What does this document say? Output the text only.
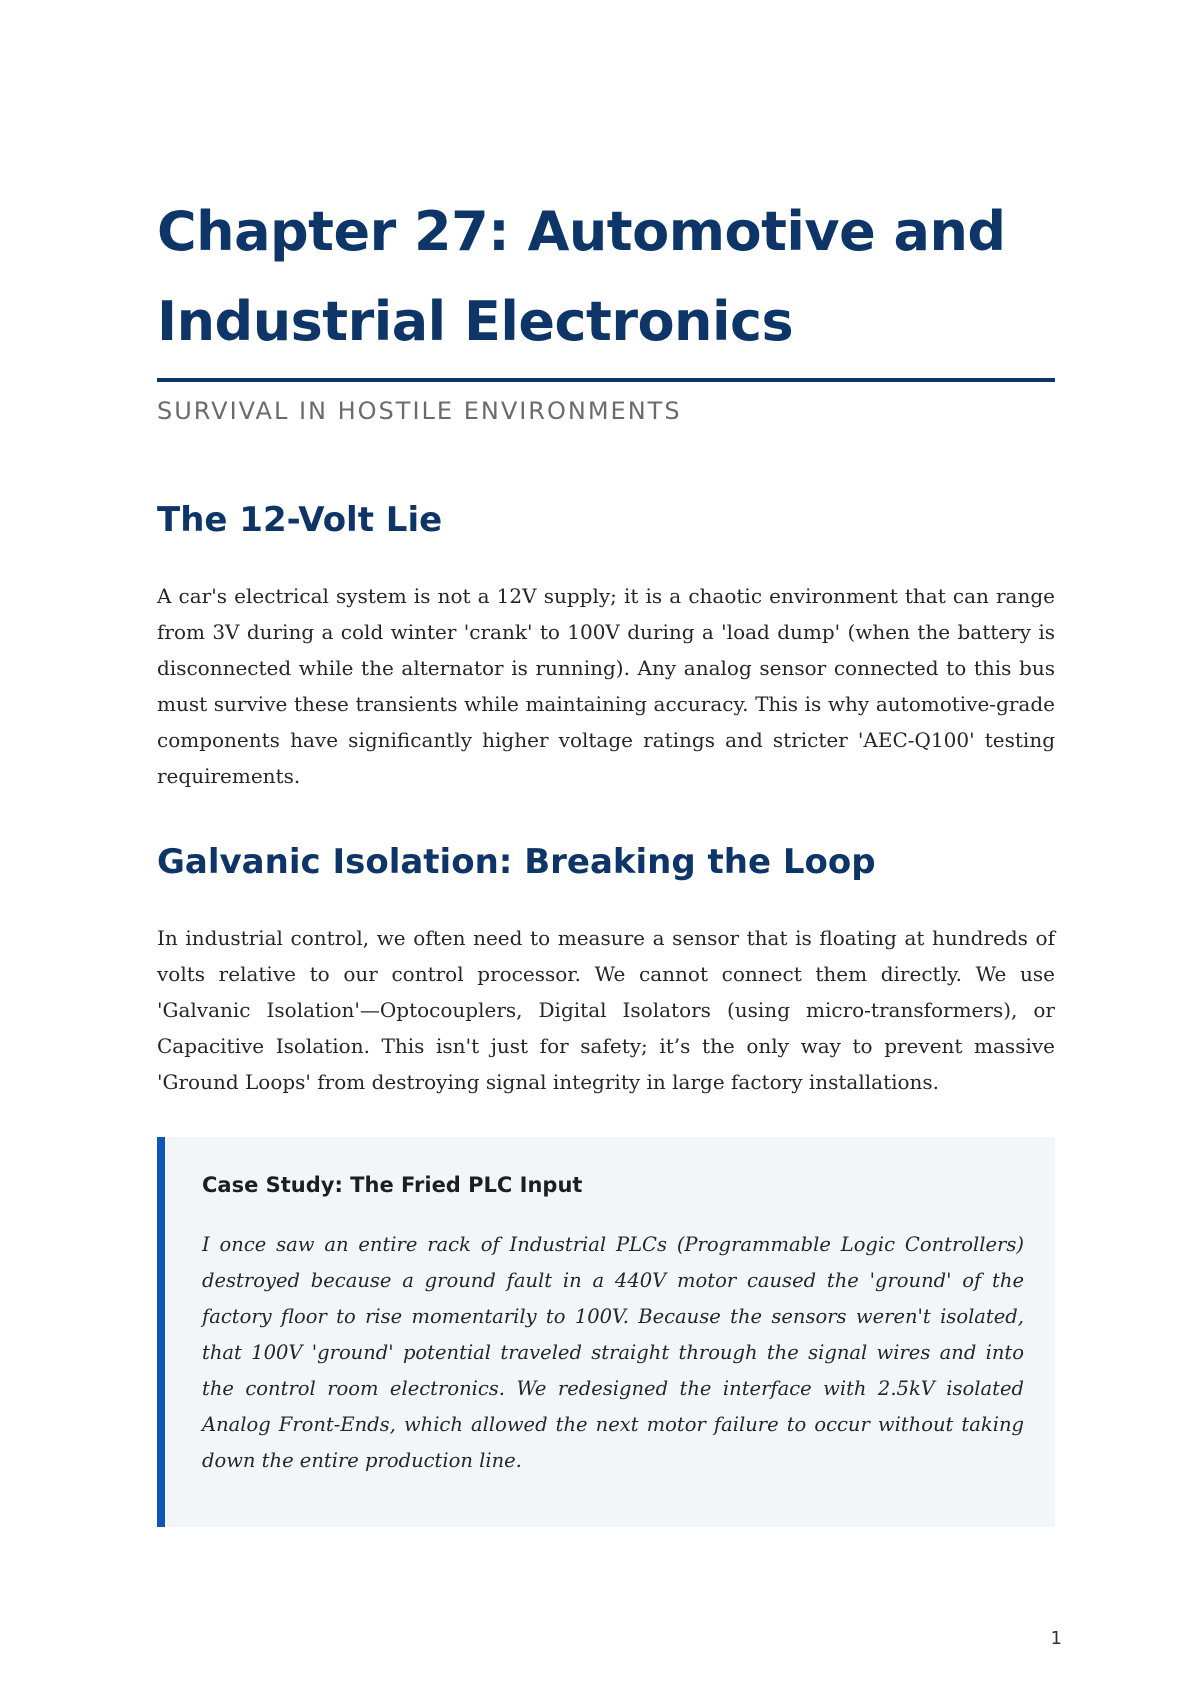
Chapter 27: Automotive and Industrial Electronics
SURVIVAL IN HOSTILE ENVIRONMENTS
The 12-Volt Lie

A car's electrical system is not a 12V supply; it is a chaotic environment that can range from 3V during a cold winter 'crank' to 100V during a 'load dump' (when the battery is disconnected while the alternator is running). Any analog sensor connected to this bus must survive these transients while maintaining accuracy. This is why automotive-grade components have significantly higher voltage ratings and stricter 'AEC-Q100' testing requirements.

Galvanic Isolation: Breaking the Loop

In industrial control, we often need to measure a sensor that is floating at hundreds of volts relative to our control processor. We cannot connect them directly. We use 'Galvanic Isolation'—Optocouplers, Digital Isolators (using micro-transformers), or Capacitive Isolation. This isn't just for safety; it’s the only way to prevent massive 'Ground Loops' from destroying signal integrity in large factory installations.

Case Study: The Fried PLC Input

I once saw an entire rack of Industrial PLCs (Programmable Logic Controllers) destroyed because a ground fault in a 440V motor caused the 'ground' of the factory floor to rise momentarily to 100V. Because the sensors weren't isolated, that 100V 'ground' potential traveled straight through the signal wires and into the control room electronics. We redesigned the interface with 2.5kV isolated Analog Front-Ends, which allowed the next motor failure to occur without taking down the entire production line.

1
